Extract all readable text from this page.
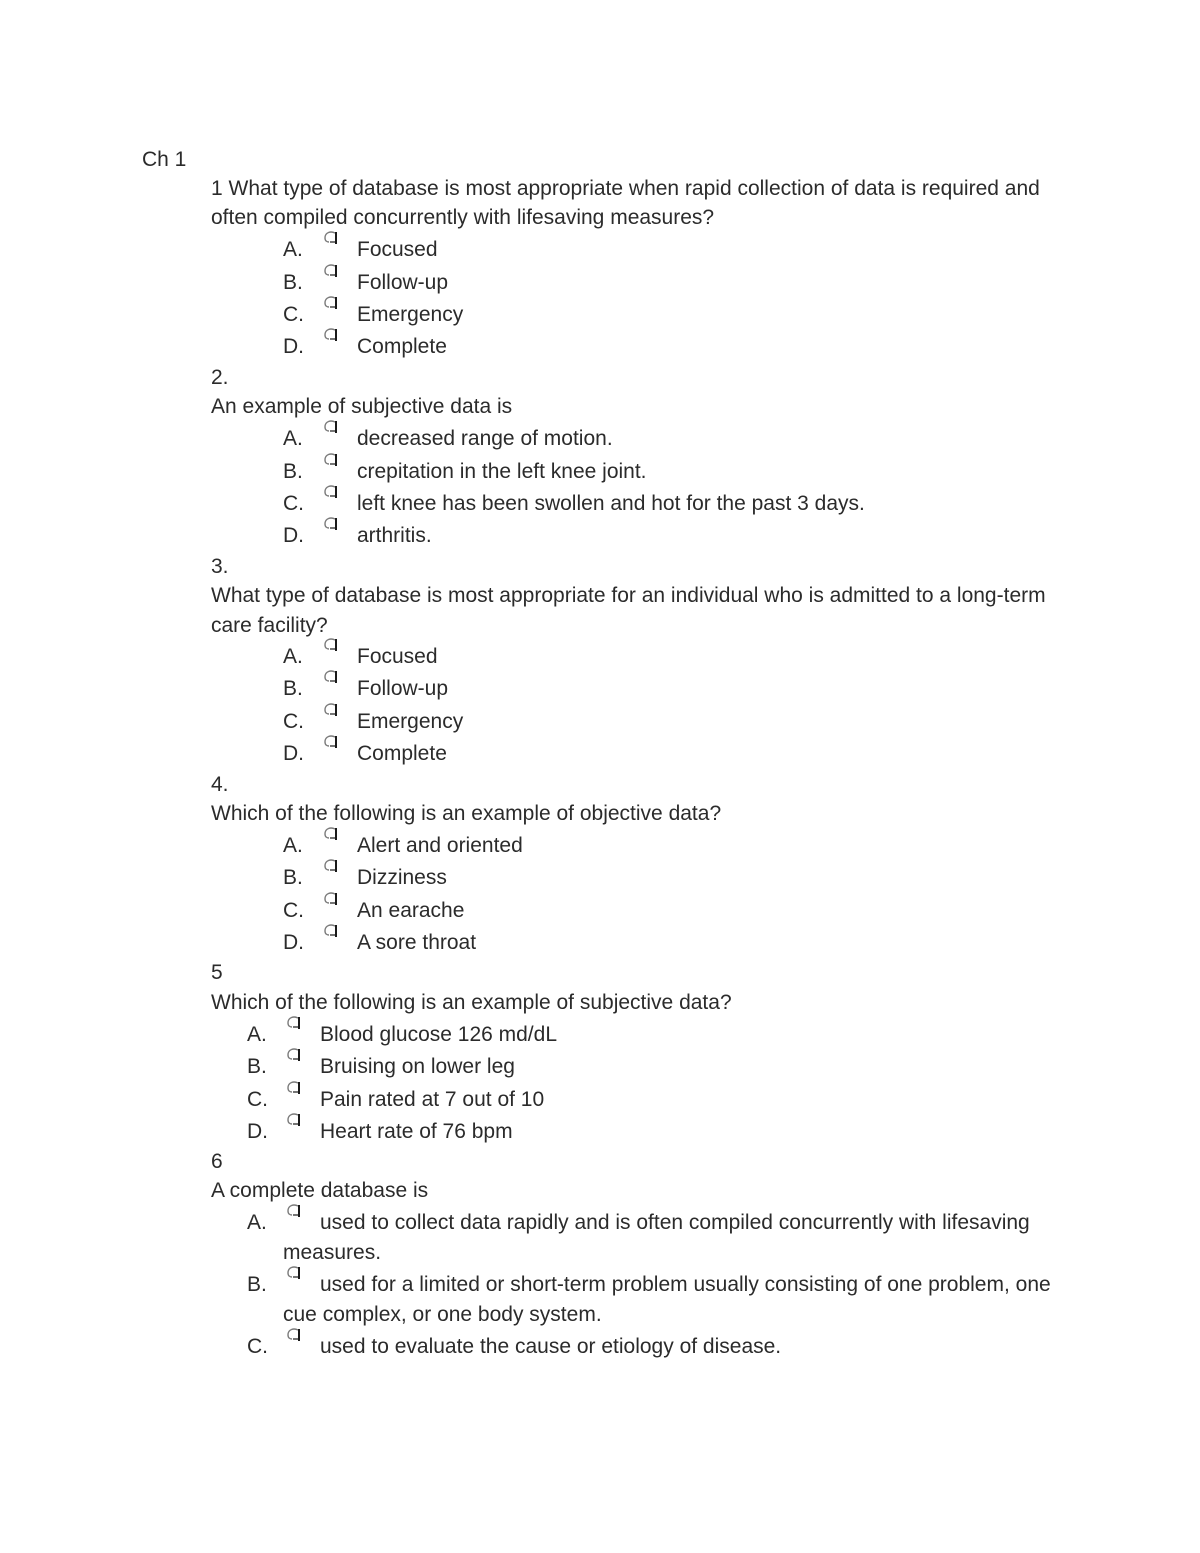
Ch 1
1 What type of database is most appropriate when rapid collection of data is required and
often compiled concurrently with lifesaving measures?
A.	Focused
B.	Follow-up
C.	Emergency
D.	Complete
2.
An example of subjective data is
A.	decreased range of motion.
B.	crepitation in the left knee joint.
C.	left knee has been swollen and hot for the past 3 days.
D.	arthritis.
3.
What type of database is most appropriate for an individual who is admitted to a long-term
care facility?
A.	Focused
B.	Follow-up
C.	Emergency
D.	Complete
4.
Which of the following is an example of objective data?
A.	Alert and oriented
B.	Dizziness
C.	An earache
D.	A sore throat
5
Which of the following is an example of subjective data?
A.	Blood glucose 126 md/dL
B.	Bruising on lower leg
C. Pain rated at 7 out of 10
D. Heart rate of 76 bpm
6
A complete database is
A.	used to collect data rapidly and is often compiled concurrently with lifesaving
measures.
B.	used for a limited or short-term problem usually consisting of one problem, one
cue complex, or one body system.
C. used to evaluate the cause or etiology of disease.
